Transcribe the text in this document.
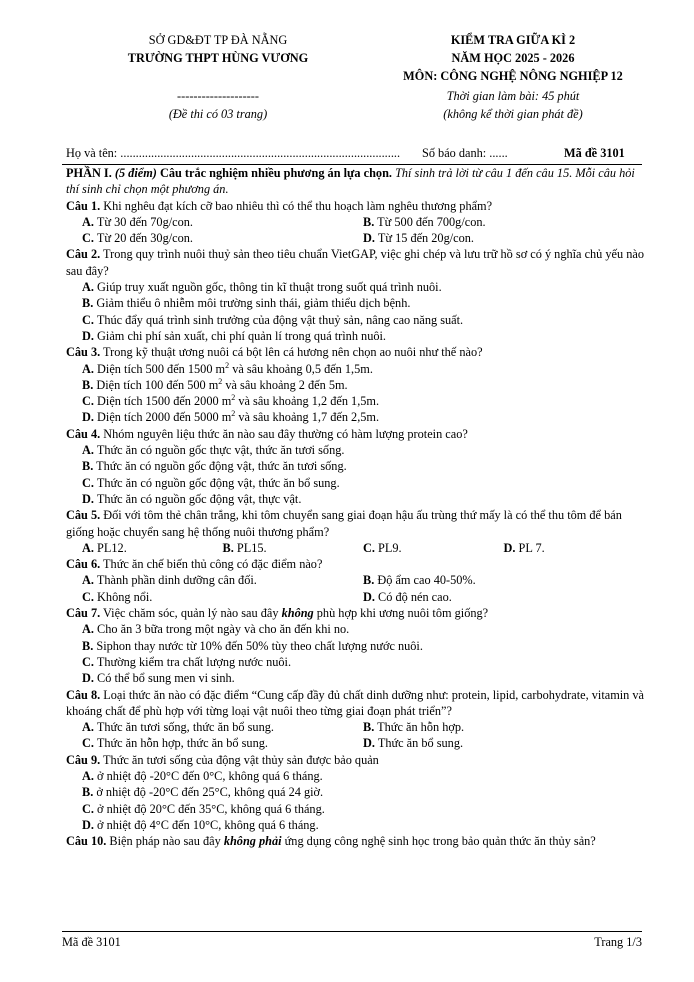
SỞ GD&ĐT TP ĐÀ NẴNG
TRƯỜNG THPT HÙNG VƯƠNG
--------------------
(Đề thi có 03 trang)
KIỂM TRA GIỮA KÌ 2
NĂM HỌC 2025 - 2026
MÔN: CÔNG NGHỆ NÔNG NGHIỆP 12
Thời gian làm bài: 45 phút
(không kể thời gian phát đề)
Họ và tên: ........................................................................................... Số báo danh: ......	Mã đề 3101

PHẦN I. (5 điểm) Câu trắc nghiệm nhiều phương án lựa chọn. Thí sinh trả lời từ câu 1 đến câu 15. Mỗi câu hỏi thí sinh chỉ chọn một phương án.

Câu 1. Khi nghêu đạt kích cỡ bao nhiêu thì có thể thu hoạch làm nghêu thương phẩm?

A. Từ 30 đến 70g/con.	B. Từ 500 đến 700g/con.
C. Từ 20 đến 30g/con.	D. Từ 15 đến 20g/con.

Câu 2. Trong quy trình nuôi thuỷ sản theo tiêu chuẩn VietGAP, việc ghi chép và lưu trữ hồ sơ có ý nghĩa chủ yếu nào sau đây?

A. Giúp truy xuất nguồn gốc, thông tin kĩ thuật trong suốt quá trình nuôi.
B. Giảm thiểu ô nhiễm môi trường sinh thái, giảm thiểu dịch bệnh.
C. Thúc đẩy quá trình sinh trưởng của động vật thuỷ sản, nâng cao năng suất.
D. Giảm chi phí sản xuất, chi phí quản lí trong quá trình nuôi.

Câu 3. Trong kỹ thuật ương nuôi cá bột lên cá hương nên chọn ao nuôi như thế nào?

A. Diện tích 500 đến 1500 $m^2$ và sâu khoảng 0,5 đến 1,5m.
B. Diện tích 100 đến 500 $m^2$ và sâu khoảng 2 đến 5m.
C. Diện tích 1500 đến 2000 $m^2$ và sâu khoảng 1,2 đến 1,5m.
D. Diện tích 2000 đến 5000 $m^2$ và sâu khoảng 1,7 đến 2,5m.

Câu 4. Nhóm nguyên liệu thức ăn nào sau đây thường có hàm lượng protein cao?

A. Thức ăn có nguồn gốc thực vật, thức ăn tươi sống.
B. Thức ăn có nguồn gốc động vật, thức ăn tươi sống.
C. Thức ăn có nguồn gốc động vật, thức ăn bổ sung.
D. Thức ăn có nguồn gốc động vật, thực vật.

Câu 5. Đối với tôm thẻ chân trắng, khi tôm chuyển sang giai đoạn hậu ấu trùng thứ mấy là có thể thu tôm để bán giống hoặc chuyển sang hệ thống nuôi thương phẩm?

A. PL12.	B. PL15.	C. PL9.	D. PL 7.

Câu 6. Thức ăn chế biến thủ công có đặc điểm nào?

A. Thành phần dinh dưỡng cân đối.	B. Độ ẩm cao 40-50%.
C. Không nổi.	D. Có độ nén cao.

Câu 7. Việc chăm sóc, quản lý nào sau đây không phù hợp khi ương nuôi tôm giống?

A. Cho ăn 3 bữa trong một ngày và cho ăn đến khi no.
B. Siphon thay nước từ 10% đến 50% tùy theo chất lượng nước nuôi.
C. Thường kiểm tra chất lượng nước nuôi.
D. Có thể bổ sung men vi sinh.

Câu 8. Loại thức ăn nào có đặc điểm “Cung cấp đầy đủ chất dinh dưỡng như: protein, lipid, carbohydrate, vitamin và khoáng chất để phù hợp với từng loại vật nuôi theo từng giai đoạn phát triển”?

A. Thức ăn tươi sống, thức ăn bổ sung.	B. Thức ăn hỗn hợp.
C. Thức ăn hỗn hợp, thức ăn bổ sung.	D. Thức ăn bổ sung.

Câu 9. Thức ăn tươi sống của động vật thủy sản được bảo quản

A. ở nhiệt độ -20°C đến 0°C, không quá 6 tháng.
B. ở nhiệt độ -20°C đến 25°C, không quá 24 giờ.
C. ở nhiệt độ 20°C đến 35°C, không quá 6 tháng.
D. ở nhiệt độ 4°C đến 10°C, không quá 6 tháng.

Câu 10. Biện pháp nào sau đây không phải ứng dụng công nghệ sinh học trong bảo quản thức ăn thủy sản?

Mã đề 3101	Trang 1/3
